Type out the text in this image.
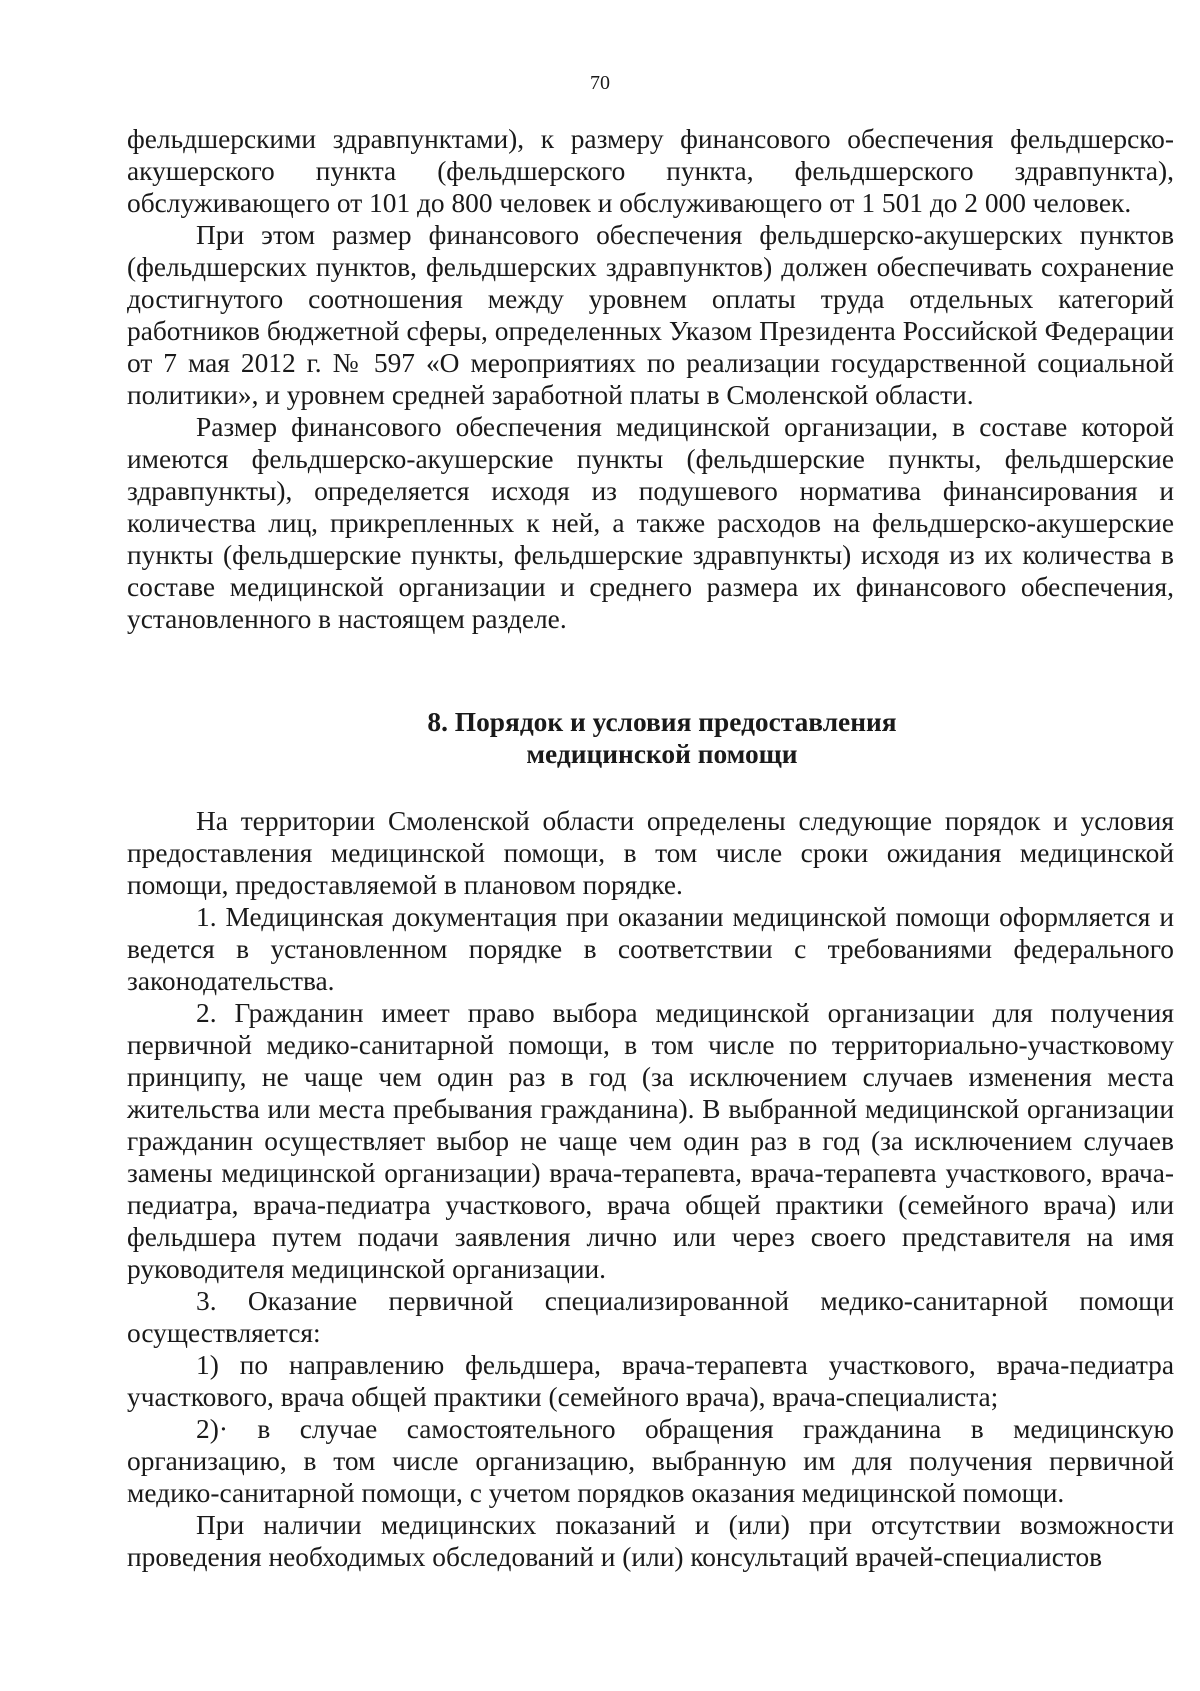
70

фельдшерскими здравпунктами), к размеру финансового обеспечения фельдшерско-акушерского пункта (фельдшерского пункта, фельдшерского здравпункта), обслуживающего от 101 до 800 человек и обслуживающего от 1 501 до 2 000 человек.

При этом размер финансового обеспечения фельдшерско-акушерских пунктов (фельдшерских пунктов, фельдшерских здравпунктов) должен обеспечивать сохранение достигнутого соотношения между уровнем оплаты труда отдельных категорий работников бюджетной сферы, определенных Указом Президента Российской Федерации от 7 мая 2012 г. № 597 «О мероприятиях по реализации государственной социальной политики», и уровнем средней заработной платы в Смоленской области.

Размер финансового обеспечения медицинской организации, в составе которой имеются фельдшерско-акушерские пункты (фельдшерские пункты, фельдшерские здравпункты), определяется исходя из подушевого норматива финансирования и количества лиц, прикрепленных к ней, а также расходов на фельдшерско-акушерские пункты (фельдшерские пункты, фельдшерские здравпункты) исходя из их количества в составе медицинской организации и среднего размера их финансового обеспечения, установленного в настоящем разделе.

8. Порядок и условия предоставления
медицинской помощи

На территории Смоленской области определены следующие порядок и условия предоставления медицинской помощи, в том числе сроки ожидания медицинской помощи, предоставляемой в плановом порядке.

1. Медицинская документация при оказании медицинской помощи оформляется и ведется в установленном порядке в соответствии с требованиями федерального законодательства.

2. Гражданин имеет право выбора медицинской организации для получения первичной медико-санитарной помощи, в том числе по территориально-участковому принципу, не чаще чем один раз в год (за исключением случаев изменения места жительства или места пребывания гражданина). В выбранной медицинской организации гражданин осуществляет выбор не чаще чем один раз в год (за исключением случаев замены медицинской организации) врача-терапевта, врача-терапевта участкового, врача-педиатра, врача-педиатра участкового, врача общей практики (семейного врача) или фельдшера путем подачи заявления лично или через своего представителя на имя руководителя медицинской организации.

3. Оказание первичной специализированной медико-санитарной помощи осуществляется:

1) по направлению фельдшера, врача-терапевта участкового, врача-педиатра участкового, врача общей практики (семейного врача), врача-специалиста;

2)· в случае самостоятельного обращения гражданина в медицинскую организацию, в том числе организацию, выбранную им для получения первичной медико-санитарной помощи, с учетом порядков оказания медицинской помощи.

При наличии медицинских показаний и (или) при отсутствии возможности проведения необходимых обследований и (или) консультаций врачей-специалистов
